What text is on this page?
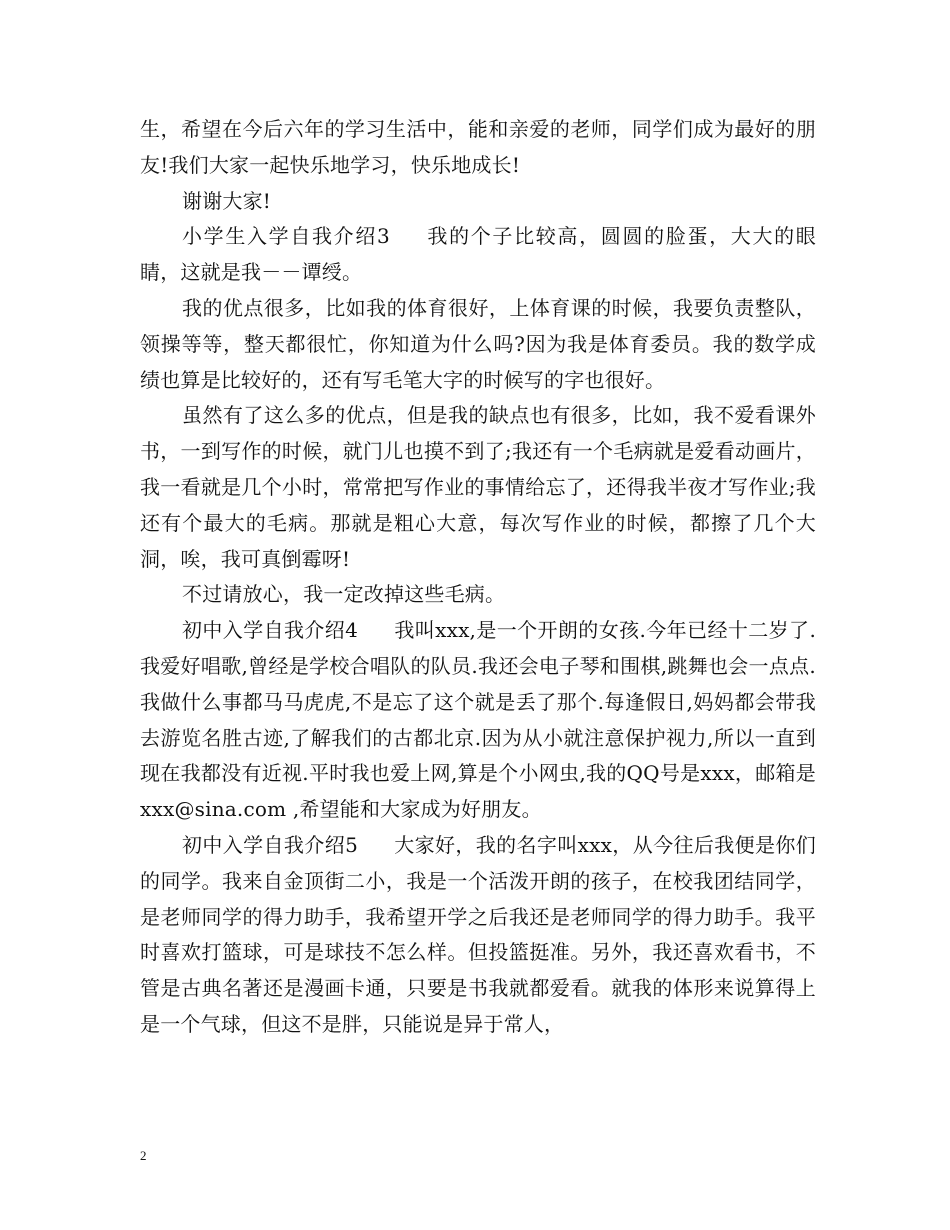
生，希望在今后六年的学习生活中，能和亲爱的老师，同学们成为最好的朋友!我们大家一起快乐地学习，快乐地成长!

谢谢大家!

小学生入学自我介绍3 我的个子比较高，圆圆的脸蛋，大大的眼睛，这就是我－－谭绶。

我的优点很多，比如我的体育很好，上体育课的时候，我要负责整队，领操等等，整天都很忙，你知道为什么吗?因为我是体育委员。我的数学成绩也算是比较好的，还有写毛笔大字的时候写的字也很好。

虽然有了这么多的优点，但是我的缺点也有很多，比如，我不爱看课外书，一到写作的时候，就门儿也摸不到了;我还有一个毛病就是爱看动画片，我一看就是几个小时，常常把写作业的事情给忘了，还得我半夜才写作业;我还有个最大的毛病。那就是粗心大意，每次写作业的时候，都擦了几个大洞，唉，我可真倒霉呀!

不过请放心，我一定改掉这些毛病。

初中入学自我介绍4 我叫xxx,是一个开朗的女孩.今年已经十二岁了.我爱好唱歌,曾经是学校合唱队的队员.我还会电子琴和围棋,跳舞也会一点点.我做什么事都马马虎虎,不是忘了这个就是丢了那个.每逢假日,妈妈都会带我去游览名胜古迹,了解我们的古都北京.因为从小就注意保护视力,所以一直到现在我都没有近视.平时我也爱上网,算是个小网虫,我的QQ号是xxx，邮箱是xxx@sina.com ,希望能和大家成为好朋友。

初中入学自我介绍5 大家好，我的名字叫xxx，从今往后我便是你们的同学。我来自金顶街二小，我是一个活泼开朗的孩子，在校我团结同学，是老师同学的得力助手，我希望开学之后我还是老师同学的得力助手。我平时喜欢打篮球，可是球技不怎么样。但投篮挺准。另外，我还喜欢看书，不管是古典名著还是漫画卡通，只要是书我就都爱看。就我的体形来说算得上是一个气球，但这不是胖，只能说是异于常人，

2
